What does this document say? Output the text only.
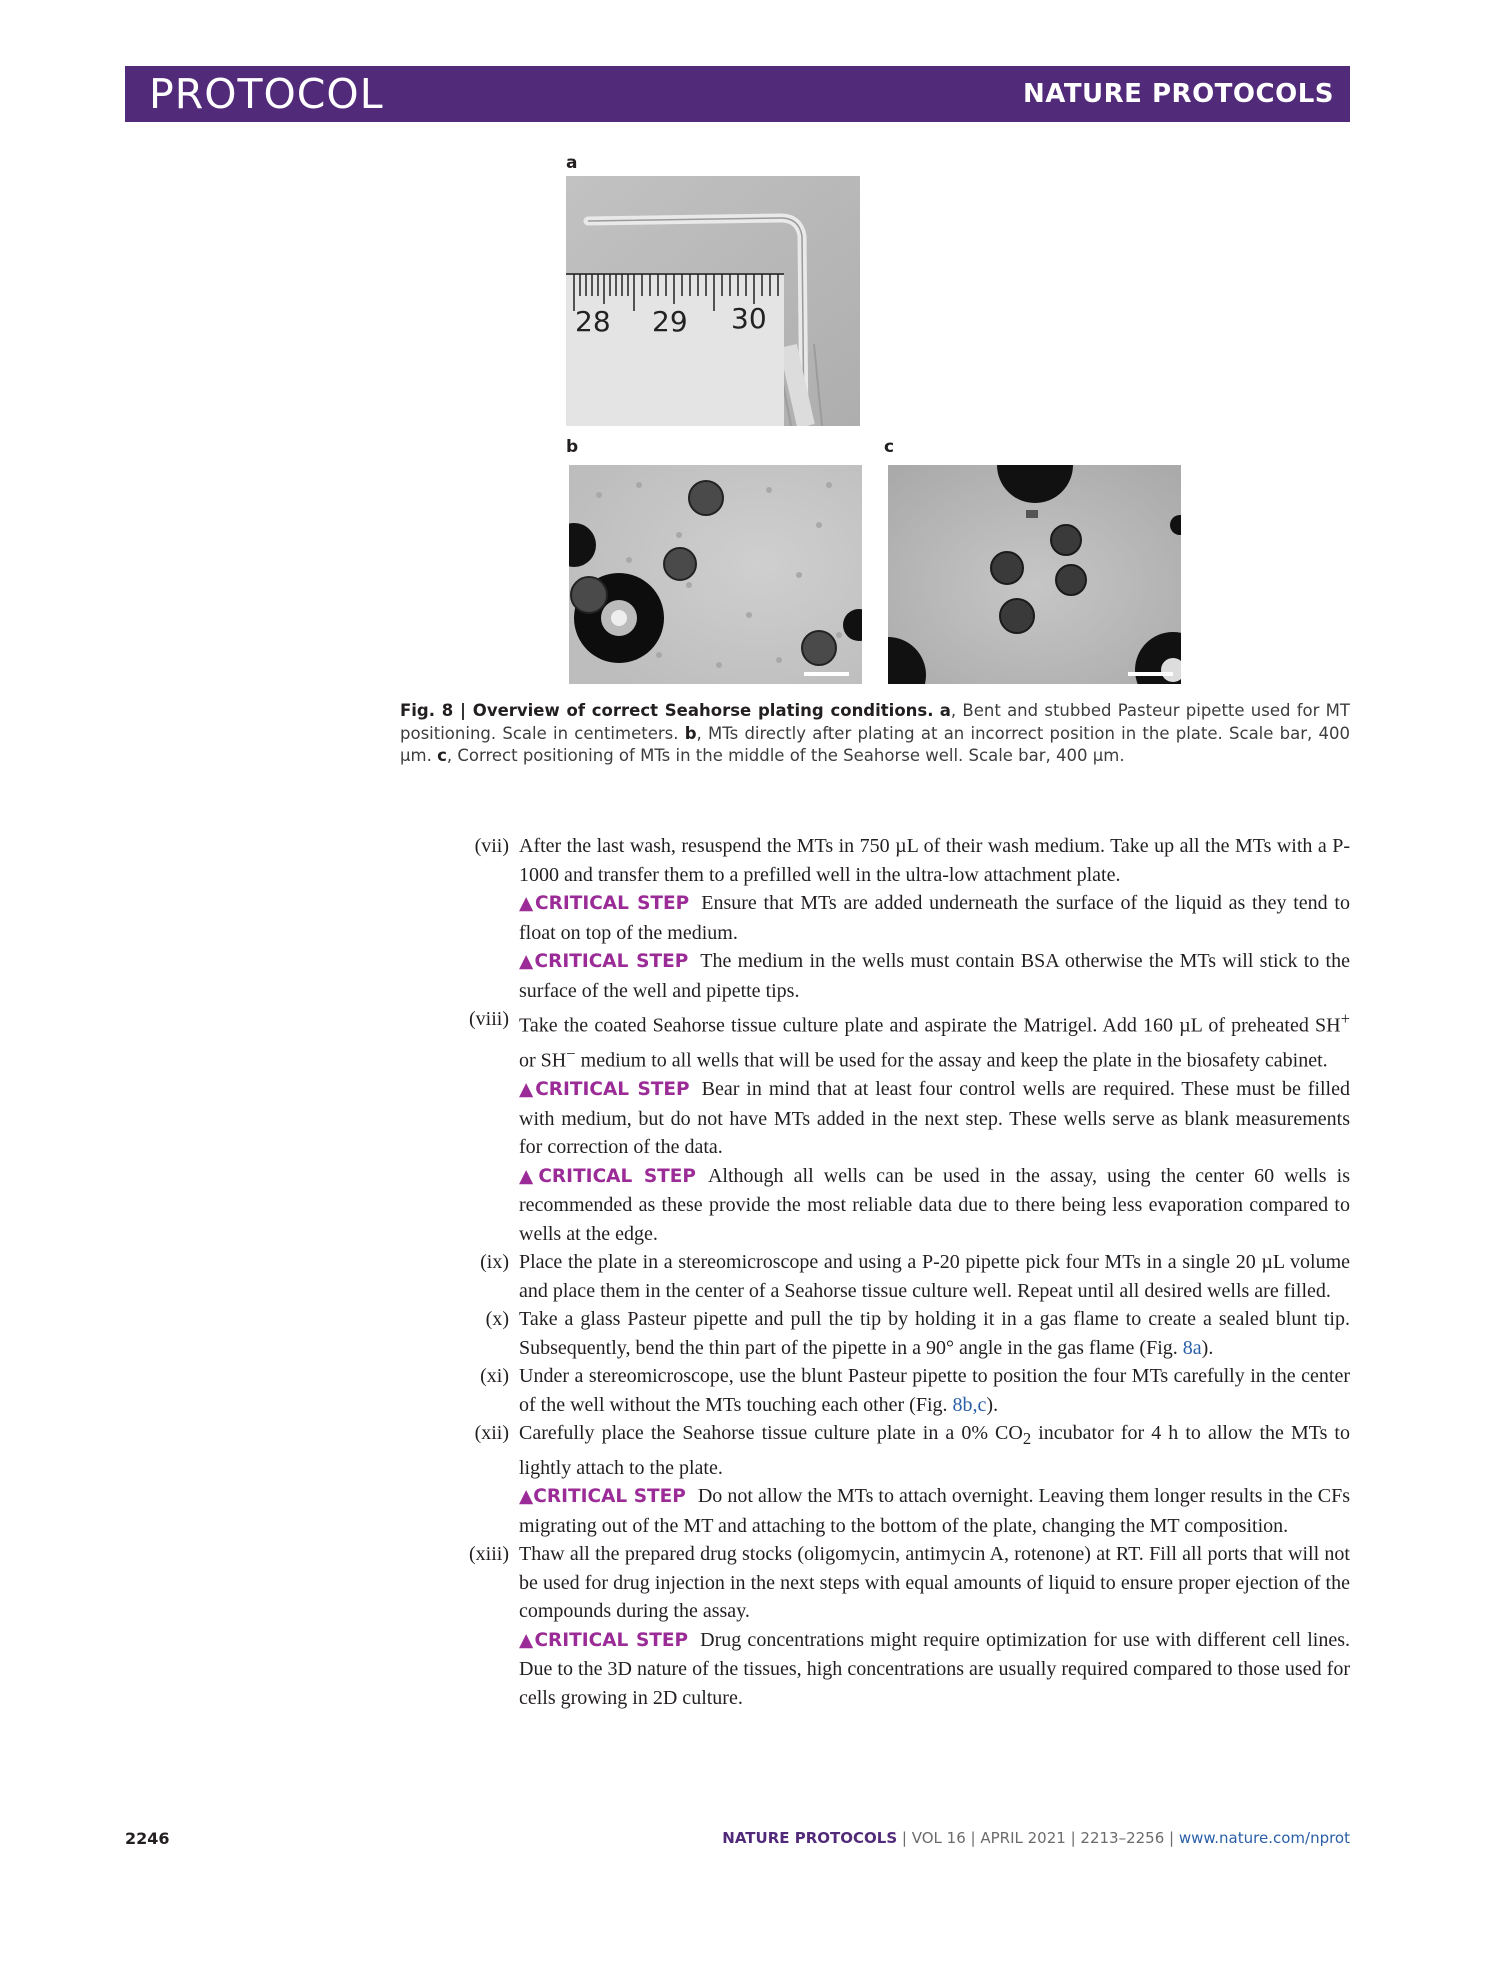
PROTOCOL	NATURE PROTOCOLS
a
28 29 30
b	c
Fig. 8 | Overview of correct Seahorse plating conditions. a, Bent and stubbed Pasteur pipette used for MT positioning. Scale in centimeters. b, MTs directly after plating at an incorrect position in the plate. Scale bar, 400 µm. c, Correct positioning of MTs in the middle of the Seahorse well. Scale bar, 400 µm.
(vii) After the last wash, resuspend the MTs in 750 µL of their wash medium. Take up all the MTs with a P-1000 and transfer them to a prefilled well in the ultra-low attachment plate.
▲CRITICAL STEP Ensure that MTs are added underneath the surface of the liquid as they tend to float on top of the medium.
▲CRITICAL STEP The medium in the wells must contain BSA otherwise the MTs will stick to the surface of the well and pipette tips.
(viii) Take the coated Seahorse tissue culture plate and aspirate the Matrigel. Add 160 µL of preheated SH+ or SH− medium to all wells that will be used for the assay and keep the plate in the biosafety cabinet.
▲CRITICAL STEP Bear in mind that at least four control wells are required. These must be filled with medium, but do not have MTs added in the next step. These wells serve as blank measurements for correction of the data.
▲CRITICAL STEP Although all wells can be used in the assay, using the center 60 wells is recommended as these provide the most reliable data due to there being less evaporation compared to wells at the edge.
(ix) Place the plate in a stereomicroscope and using a P-20 pipette pick four MTs in a single 20 µL volume and place them in the center of a Seahorse tissue culture well. Repeat until all desired wells are filled.
(x) Take a glass Pasteur pipette and pull the tip by holding it in a gas flame to create a sealed blunt tip. Subsequently, bend the thin part of the pipette in a 90° angle in the gas flame (Fig. 8a).
(xi) Under a stereomicroscope, use the blunt Pasteur pipette to position the four MTs carefully in the center of the well without the MTs touching each other (Fig. 8b,c).
(xii) Carefully place the Seahorse tissue culture plate in a 0% $CO_2$ incubator for 4 h to allow the MTs to lightly attach to the plate.
▲CRITICAL STEP Do not allow the MTs to attach overnight. Leaving them longer results in the CFs migrating out of the MT and attaching to the bottom of the plate, changing the MT composition.
(xiii) Thaw all the prepared drug stocks (oligomycin, antimycin A, rotenone) at RT. Fill all ports that will not be used for drug injection in the next steps with equal amounts of liquid to ensure proper ejection of the compounds during the assay.
▲CRITICAL STEP Drug concentrations might require optimization for use with different cell lines. Due to the 3D nature of the tissues, high concentrations are usually required compared to those used for cells growing in 2D culture.
2246	NATURE PROTOCOLS | VOL 16 | APRIL 2021 | 2213–2256 | www.nature.com/nprot
